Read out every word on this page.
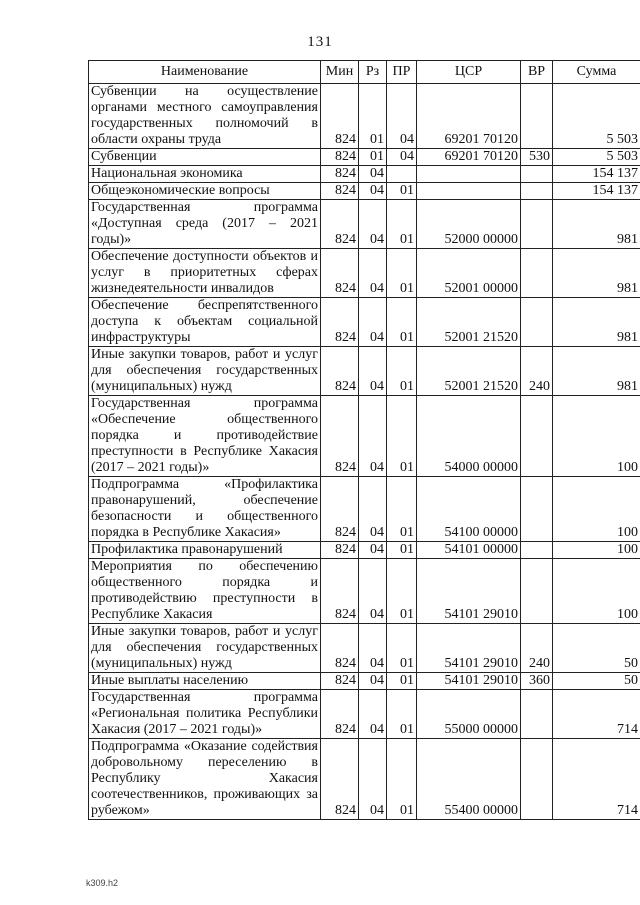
131
Наименование	Мин	Рз	ПР	ЦСР	ВР	Сумма
Субвенции на осуществление органами местного самоуправления государственных полномочий в области охраны труда	824	01	04	69201 70120		5 503
Субвенции	824	01	04	69201 70120	530	5 503
Национальная экономика	824	04				154 137
Общеэкономические вопросы	824	04	01			154 137
Государственная программа «Доступная среда (2017 – 2021 годы)»	824	04	01	52000 00000		981
Обеспечение доступности объектов и услуг в приоритетных сферах жизнедеятельности инвалидов	824	04	01	52001 00000		981
Обеспечение беспрепятственного доступа к объектам социальной инфраструктуры	824	04	01	52001 21520		981
Иные закупки товаров, работ и услуг для обеспечения государственных (муниципальных) нужд	824	04	01	52001 21520	240	981
Государственная программа «Обеспечение общественного порядка и противодействие преступности в Республике Хакасия (2017 – 2021 годы)»	824	04	01	54000 00000		100
Подпрограмма «Профилактика правонарушений, обеспечение безопасности и общественного порядка в Республике Хакасия»	824	04	01	54100 00000		100
Профилактика правонарушений	824	04	01	54101 00000		100
Мероприятия по обеспечению общественного порядка и противодействию преступности в Республике Хакасия	824	04	01	54101 29010		100
Иные закупки товаров, работ и услуг для обеспечения государственных (муниципальных) нужд	824	04	01	54101 29010	240	50
Иные выплаты населению	824	04	01	54101 29010	360	50
Государственная программа «Региональная политика Республики Хакасия (2017 – 2021 годы)»	824	04	01	55000 00000		714
Подпрограмма «Оказание содействия добровольному переселению в Республику Хакасия соотечественников, проживающих за рубежом»	824	04	01	55400 00000		714
k309.h2
